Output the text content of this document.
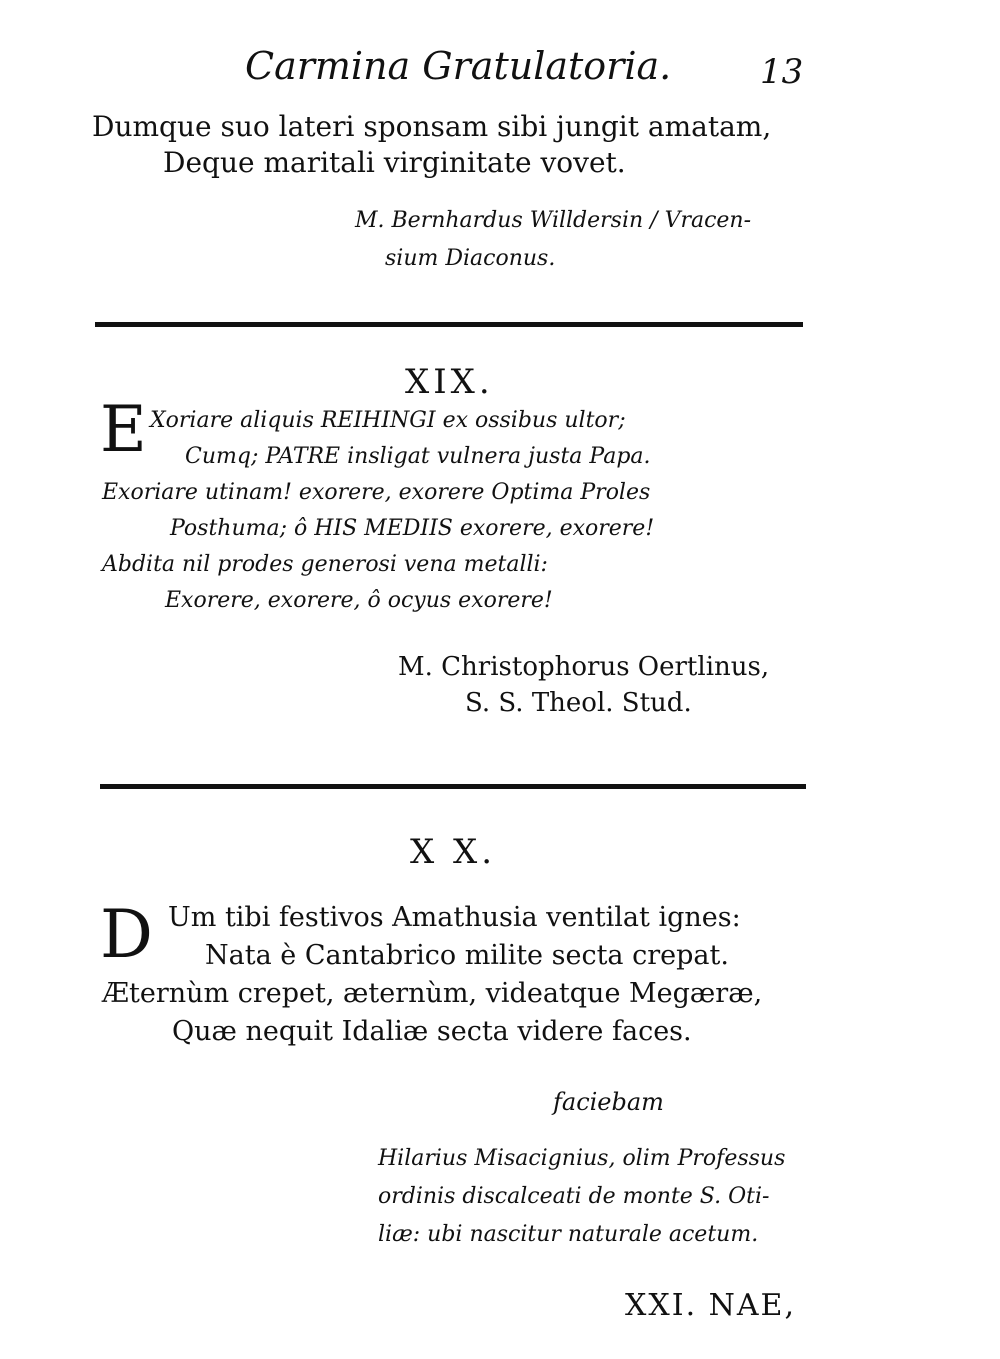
Carmina Gratulatoria.	13
Dumque suo lateri sponsam sibi jungit amatam,
Deque maritali virginitate vovet.
M. Bernhardus Willdersin / Vracen-
sium Diaconus.
XIX.
E Xoriare aliquis REIHINGI ex ossibus ultor;
Cumq; PATRE insligat vulnera justa Papa.
Exoriare utinam! exorere, exorere Optima Proles
Posthuma; ô HIS MEDIIS exorere, exorere!
Abdita nil prodes generosi vena metalli:
Exorere, exorere, ô ocyus exorere!
M. Christophorus Oertlinus,
S. S. Theol. Stud.
X X.
D Um tibi festivos Amathusia ventilat ignes:
Nata è Cantabrico milite secta crepat.
Æternùm crepet, æternùm, videatque Megæræ,
Quæ nequit Idaliæ secta videre faces.
faciebam
Hilarius Misacignius, olim Professus
ordinis discalceati de monte S. Oti-
liæ: ubi nascitur naturale acetum.
XXI. NAE,
